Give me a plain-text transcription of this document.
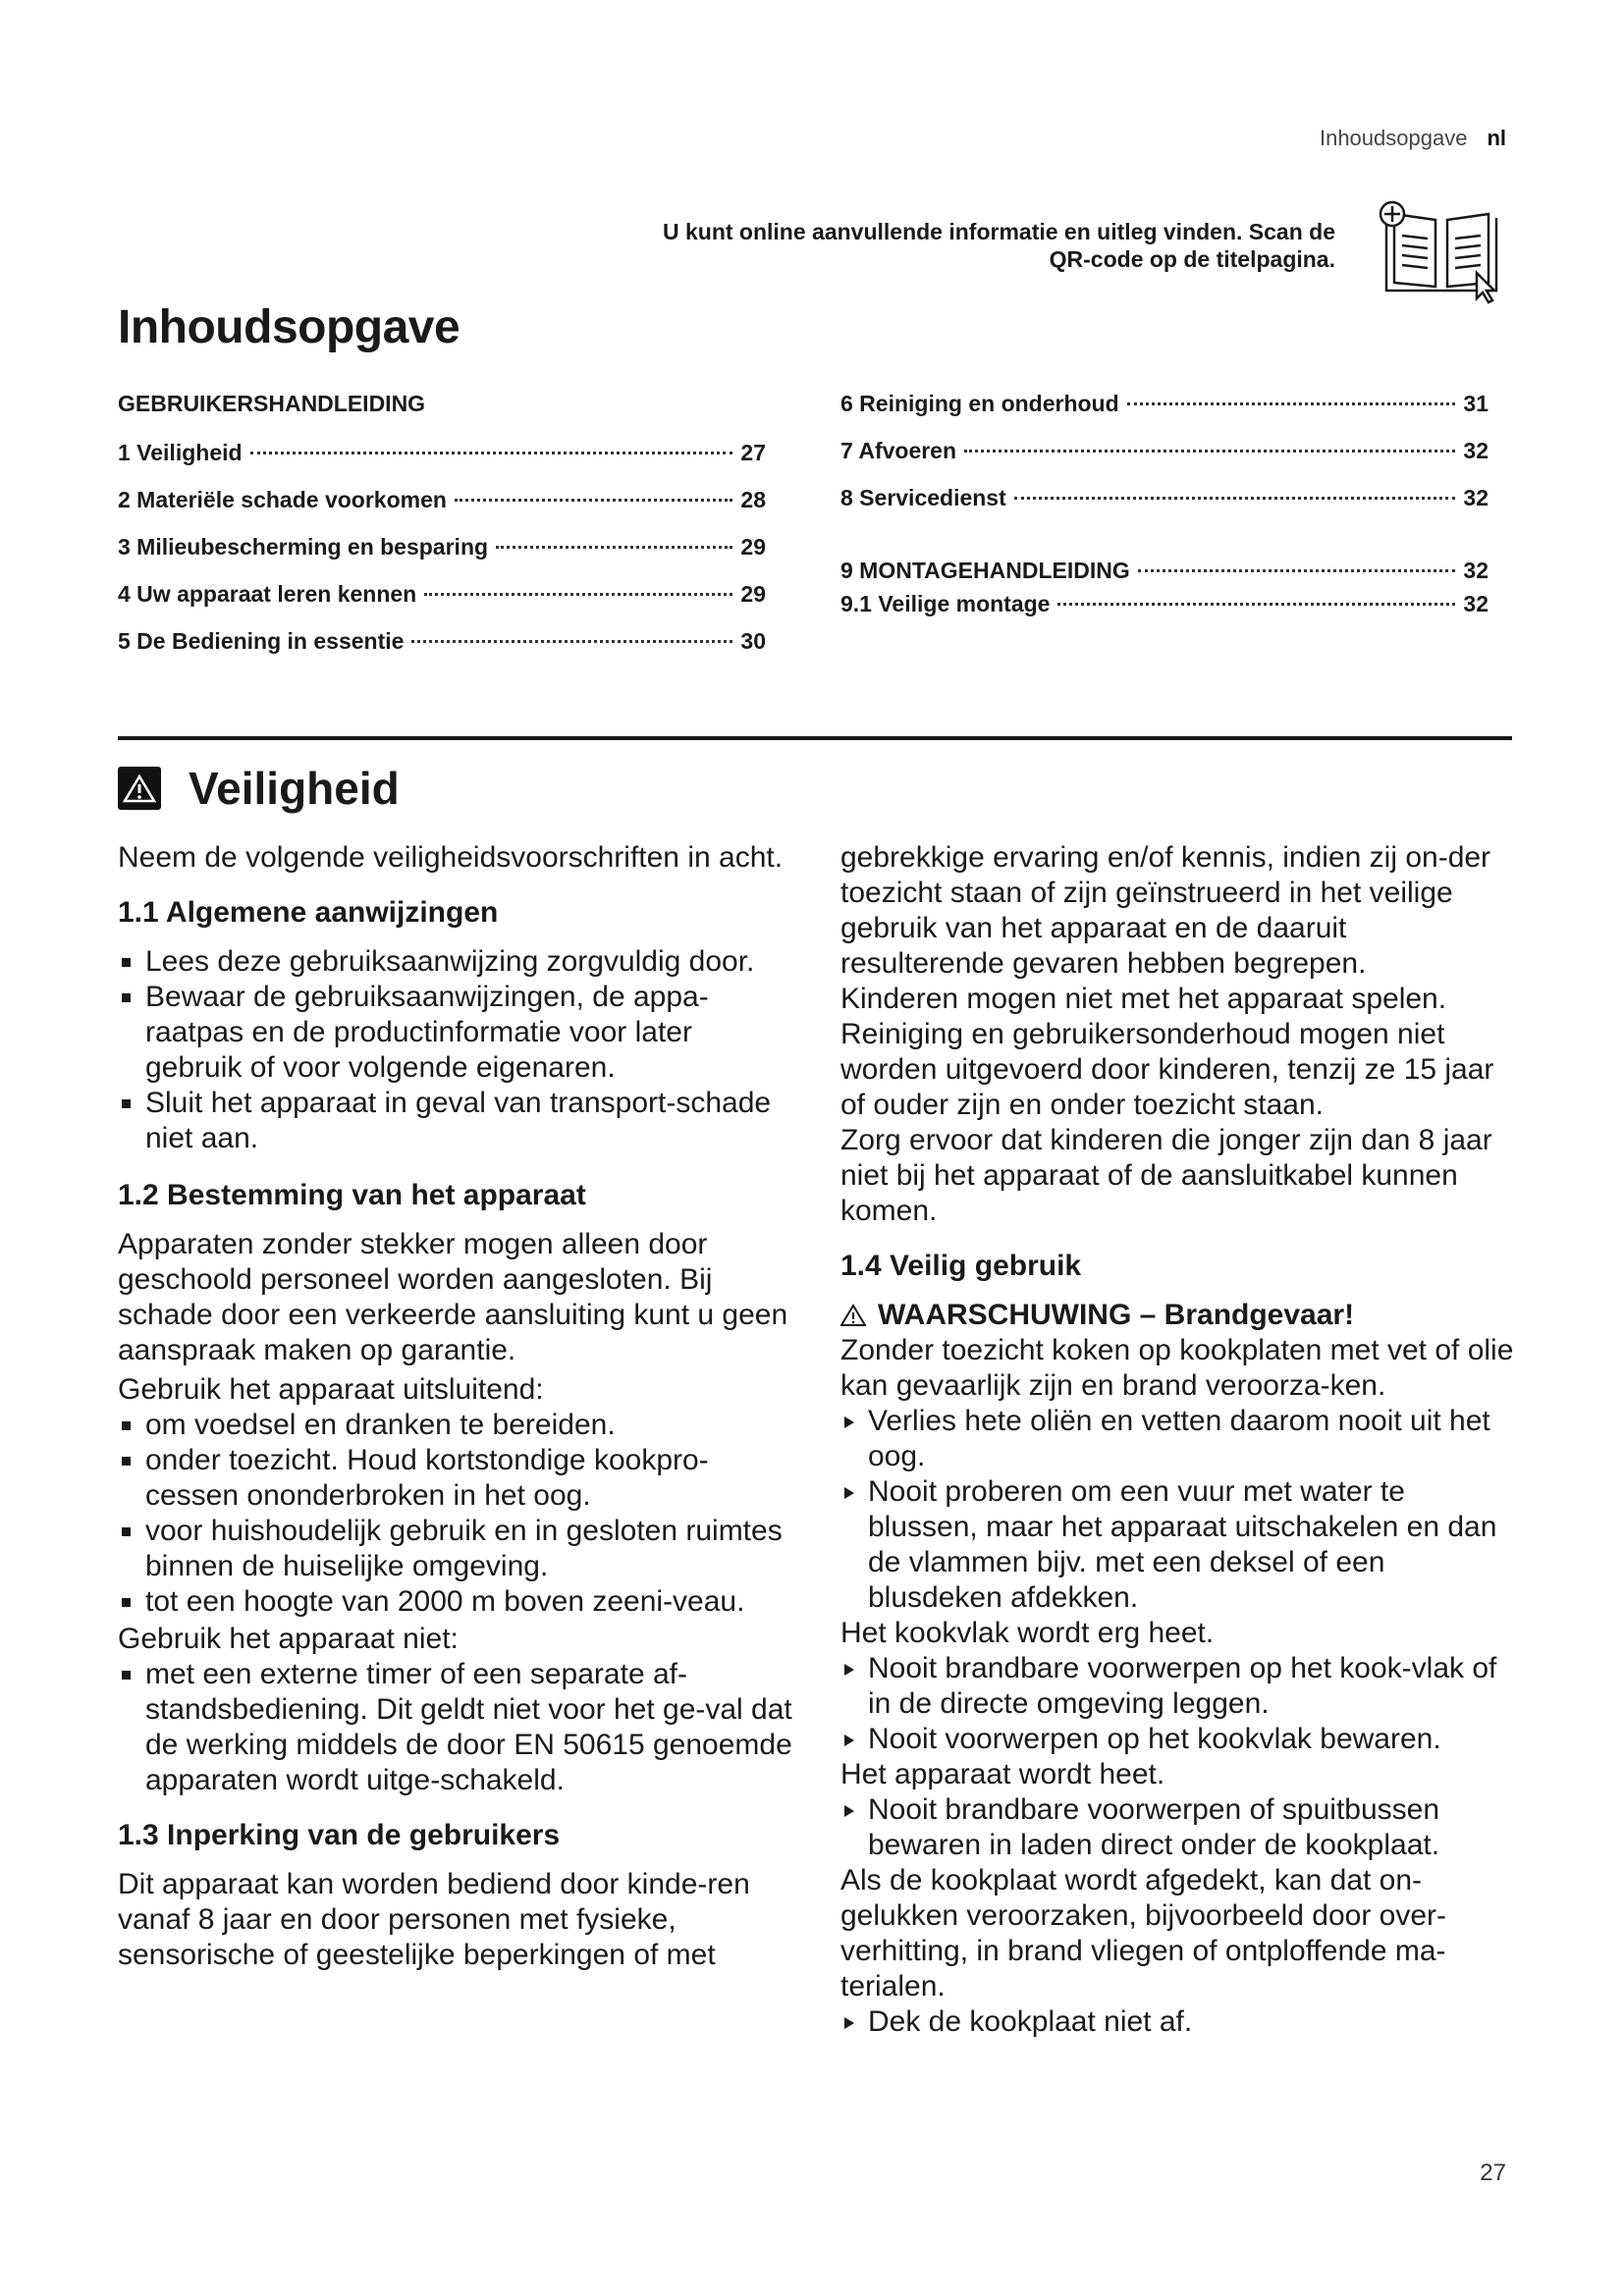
Inhoudsopgave nl
U kunt online aanvullende informatie en uitleg vinden. Scan de
QR-code op de titelpagina.
Inhoudsopgave
GEBRUIKERSHANDLEIDING
1 Veiligheid	27
2 Materiële schade voorkomen	28
3 Milieubescherming en besparing	29
4 Uw apparaat leren kennen	29
5 De Bediening in essentie	30
6 Reiniging en onderhoud	31
7 Afvoeren	32
8 Servicedienst	32
9 MONTAGEHANDLEIDING	32
9.1 Veilige montage	32
Veiligheid

Neem de volgende veiligheidsvoorschriften in acht.

1.1 Algemene aanwijzingen
Lees deze gebruiksaanwijzing zorgvuldig door.
Bewaar de gebruiksaanwijzingen, de appa-raatpas en de productinformatie voor later gebruik of voor volgende eigenaren.
Sluit het apparaat in geval van transport-schade niet aan.
1.2 Bestemming van het apparaat

Apparaten zonder stekker mogen alleen door geschoold personeel worden aangesloten. Bij schade door een verkeerde aansluiting kunt u geen aanspraak maken op garantie.

Gebruik het apparaat uitsluitend:

om voedsel en dranken te bereiden.
onder toezicht. Houd kortstondige kookpro-cessen ononderbroken in het oog.
voor huishoudelijk gebruik en in gesloten ruimtes binnen de huiselijke omgeving.
tot een hoogte van 2000 m boven zeeni-veau.

Gebruik het apparaat niet:

met een externe timer of een separate af-standsbediening. Dit geldt niet voor het ge-val dat de werking middels de door EN 50615 genoemde apparaten wordt uitge-schakeld.
1.3 Inperking van de gebruikers

Dit apparaat kan worden bediend door kinde-ren vanaf 8 jaar en door personen met fysieke, sensorische of geestelijke beperkingen of met

gebrekkige ervaring en/of kennis, indien zij on-der toezicht staan of zijn geïnstrueerd in het veilige gebruik van het apparaat en de daaruit resulterende gevaren hebben begrepen.

Kinderen mogen niet met het apparaat spelen.

Reiniging en gebruikersonderhoud mogen niet worden uitgevoerd door kinderen, tenzij ze 15 jaar of ouder zijn en onder toezicht staan.

Zorg ervoor dat kinderen die jonger zijn dan 8 jaar niet bij het apparaat of de aansluitkabel kunnen komen.

1.4 Veilig gebruik
WAARSCHUWING – Brandgevaar!

Zonder toezicht koken op kookplaten met vet of olie kan gevaarlijk zijn en brand veroorza-ken.

Verlies hete oliën en vetten daarom nooit uit het oog.
Nooit proberen om een vuur met water te blussen, maar het apparaat uitschakelen en dan de vlammen bijv. met een deksel of een blusdeken afdekken.

Het kookvlak wordt erg heet.

Nooit brandbare voorwerpen op het kook-vlak of in de directe omgeving leggen.
Nooit voorwerpen op het kookvlak bewaren.

Het apparaat wordt heet.

Nooit brandbare voorwerpen of spuitbussen bewaren in laden direct onder de kookplaat.

Als de kookplaat wordt afgedekt, kan dat on-gelukken veroorzaken, bijvoorbeeld door over-verhitting, in brand vliegen of ontploffende ma-terialen.

Dek de kookplaat niet af.
27
